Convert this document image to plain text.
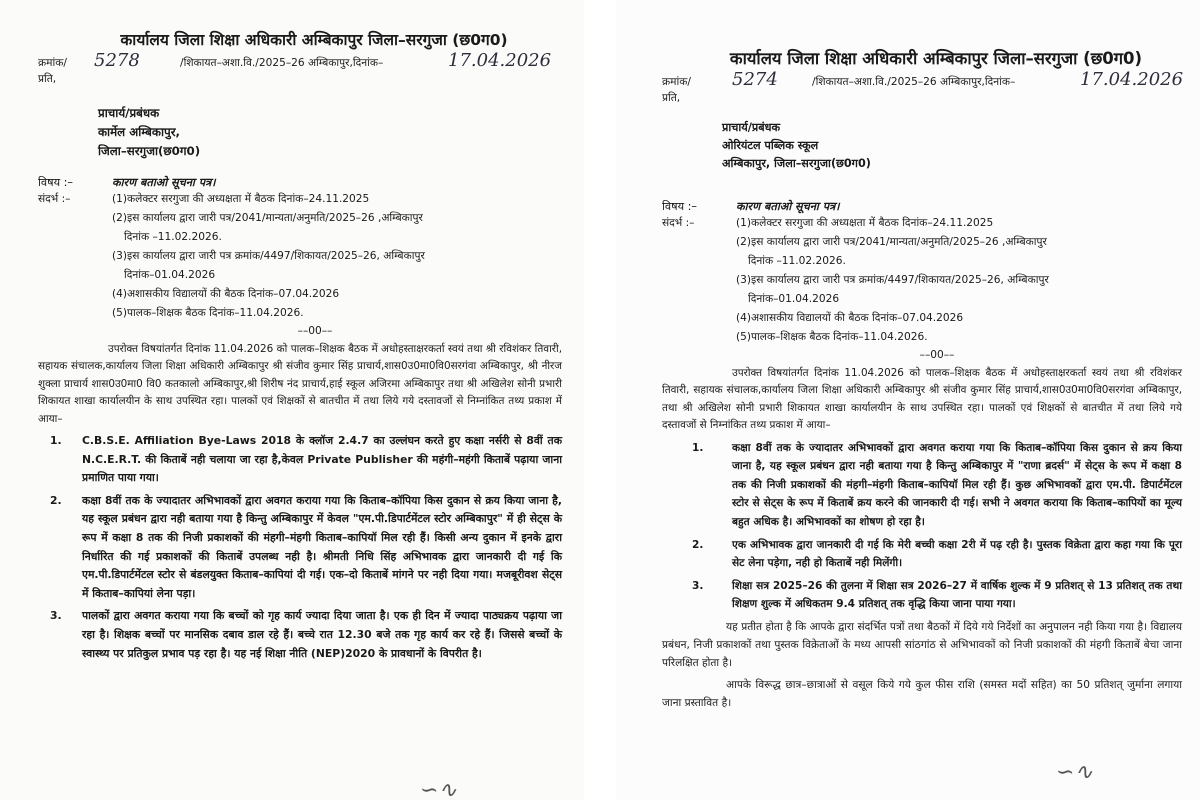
कार्यालय जिला शिक्षा अधिकारी अम्बिकापुर जिला–सरगुजा (छ0ग0)
क्रमांक/ 5278	/शिकायत–अशा.वि./2025–26 अम्बिकापुर,दिनांक–	17.04.2026
प्रति,
प्राचार्य/प्रबंधक
कार्मेल अम्बिकापुर,
जिला–सरगुजा(छ0ग0)
विषय :–	कारण बताओ सूचना पत्र।
संदर्भ :–	(1)कलेक्टर सरगुजा की अध्यक्षता में बैठक दिनांक–24.11.2025
(2)इस कार्यालय द्वारा जारी पत्र/2041/मान्यता/अनुमति/2025–26 ,अम्बिकापुर
दिनांक –11.02.2026.
(3)इस कार्यालय द्वारा जारी पत्र क्रमांक/4497/शिकायत/2025–26, अम्बिकापुर
दिनांक–01.04.2026
(4)अशासकीय विद्यालयों की बैठक दिनांक–07.04.2026
(5)पालक–शिक्षक बैठक दिनांक–11.04.2026.
––00––
उपरोक्त विषयांतर्गत दिनांक 11.04.2026 को पालक–शिक्षक बैठक में अधोहस्ताक्षरकर्ता स्वयं तथा श्री रविशंकर तिवारी, सहायक संचालक,कार्यालय जिला शिक्षा अधिकारी अम्बिकापुर श्री संजीव कुमार सिंह प्राचार्य,शास0उ0मा0वि0सरगंवा अम्बिकापुर, श्री नीरज शुक्ला प्राचार्य शास0उ0मा0 वि0 कतकालो अम्बिकापुर,श्री शिरीष नंद प्राचार्य,हाई स्कूल अजिरमा अम्बिकापुर तथा श्री अखिलेश सोनी प्रभारी शिकायत शाखा कार्यालयीन के साथ उपस्थित रहा। पालकों एवं शिक्षकों से बातचीत में तथा लिये गये दस्तावजों से निम्नांकित तथ्य प्रकाश में आया–
1.	C.B.S.E. Affiliation Bye-Laws 2018 के क्लॉज 2.4.7 का उल्लंघन करते हुए कक्षा नर्सरी से 8वीं तक N.C.E.R.T. की किताबें नही चलाया जा रहा है,केवल Private Publisher की महंगी–महंगी किताबें पढ़ाया जाना प्रमाणित पाया गया।
2.	कक्षा 8वीं तक के ज्यादातर अभिभावकों द्वारा अवगत कराया गया कि किताब–कॉपिया किस दुकान से क्रय किया जाना है, यह स्कूल प्रबंधन द्वारा नही बताया गया है किन्तु अम्बिकापुर में केवल "एम.पी.डिपार्टमेंटल स्टोर अम्बिकापुर" में ही सेट्स के रूप में कक्षा 8 तक की निजी प्रकाशकों की मंहगी–मंहगी किताब–कापियॉ मिल रही हैं। किसी अन्य दुकान में इनके द्वारा निर्धारित की गई प्रकाशकों की किताबें उपलब्ध नही है। श्रीमती निधि सिंह अभिभावक द्वारा जानकारी दी गई कि एम.पी.डिपार्टमेंटल स्टोर से बंडलयुक्त किताब–कापियां दी गई। एक–दो किताबें मांगने पर नही दिया गया। मजबूरीवश सेट्स में किताब–कापियां लेना पड़ा।
3.	पालकों द्वारा अवगत कराया गया कि बच्चों को गृह कार्य ज्यादा दिया जाता है। एक ही दिन में ज्यादा पाठ्यक्रय पढ़ाया जा रहा है। शिक्षक बच्चों पर मानसिक दबाव डाल रहे हैं। बच्चे रात 12.30 बजे तक गृह कार्य कर रहे हैं। जिससे बच्चों के स्वास्थ्य पर प्रतिकुल प्रभाव पड़ रहा है। यह नई शिक्षा नीति (NEP)2020 के प्रावधानों के विपरीत है।
∽∿
कार्यालय जिला शिक्षा अधिकारी अम्बिकापुर जिला–सरगुजा (छ0ग0)
क्रमांक/ 5274	/शिकायत–अशा.वि./2025–26 अम्बिकापुर,दिनांक–	17.04.2026
प्रति,
प्राचार्य/प्रबंधक
ओरियंटल पब्लिक स्कूल
अम्बिकापुर, जिला–सरगुजा(छ0ग0)
विषय :–	कारण बताओ सूचना पत्र।
संदर्भ :–	(1)कलेक्टर सरगुजा की अध्यक्षता में बैठक दिनांक–24.11.2025
(2)इस कार्यालय द्वारा जारी पत्र/2041/मान्यता/अनुमति/2025–26 ,अम्बिकापुर
दिनांक –11.02.2026.
(3)इस कार्यालय द्वारा जारी पत्र क्रमांक/4497/शिकायत/2025–26, अम्बिकापुर
दिनांक–01.04.2026
(4)अशासकीय विद्यालयों की बैठक दिनांक–07.04.2026
(5)पालक–शिक्षक बैठक दिनांक–11.04.2026.
––00––
उपरोक्त विषयांतर्गत दिनांक 11.04.2026 को पालक–शिक्षक बैठक में अधोहस्ताक्षरकर्ता स्वयं तथा श्री रविशंकर तिवारी, सहायक संचालक,कार्यालय जिला शिक्षा अधिकारी अम्बिकापुर श्री संजीव कुमार सिंह प्राचार्य,शास0उ0मा0वि0सरगंवा अम्बिकापुर, तथा श्री अखिलेश सोनी प्रभारी शिकायत शाखा कार्यालयीन के साथ उपस्थित रहा। पालकों एवं शिक्षकों से बातचीत में तथा लिये गये दस्तावजों से निम्नांकित तथ्य प्रकाश में आया–
1.	कक्षा 8वीं तक के ज्यादातर अभिभावकों द्वारा अवगत कराया गया कि किताब–कॉपिया किस दुकान से क्रय किया जाना है, यह स्कूल प्रबंधन द्वारा नही बताया गया है किन्तु अम्बिकापुर में "राणा ब्रदर्स" में सेट्स के रूप में कक्षा 8 तक की निजी प्रकाशकों की मंहगी–मंहगी किताब–कापियॉ मिल रही हैं। कुछ अभिभावकों द्वारा एम.पी. डिपार्टमेंटल स्टोर से सेट्स के रूप में किताबें क्रय करने की जानकारी दी गई। सभी ने अवगत कराया कि किताब–कापियों का मूल्य बहुत अधिक है। अभिभावकों का शोषण हो रहा है।
2.	एक अभिभावक द्वारा जानकारी दी गई कि मेरी बच्ची कक्षा 2री में पढ़ रही है। पुस्तक विक्रेता द्वारा कहा गया कि पूरा सेट लेना पड़ेगा, नही हो किताबें नही मिलेंगी।
3.	शिक्षा सत्र 2025–26 की तुलना में शिक्षा सत्र 2026–27 में वार्षिक शुल्क में 9 प्रतिशत् से 13 प्रतिशत् तक तथा शिक्षण शुल्क में अधिकतम 9.4 प्रतिशत् तक वृद्धि किया जाना पाया गया।
यह प्रतीत होता है कि आपके द्वारा संदर्भित पत्रों तथा बैठकों में दिये गये निर्देशों का अनुपालन नही किया गया है। विद्यालय प्रबंधन, निजी प्रकाशकों तथा पुस्तक विक्रेताओं के मध्य आपसी सांठगांठ से अभिभावकों को निजी प्रकाशकों की मंहगी किताबें बेचा जाना परिलक्षित होता है।
आपके विरूद्ध छात्र–छात्राओं से वसूल किये गये कुल फीस राशि (समस्त मदों सहित) का 50 प्रतिशत् जुर्माना लगाया जाना प्रस्तावित है।
∽∿
